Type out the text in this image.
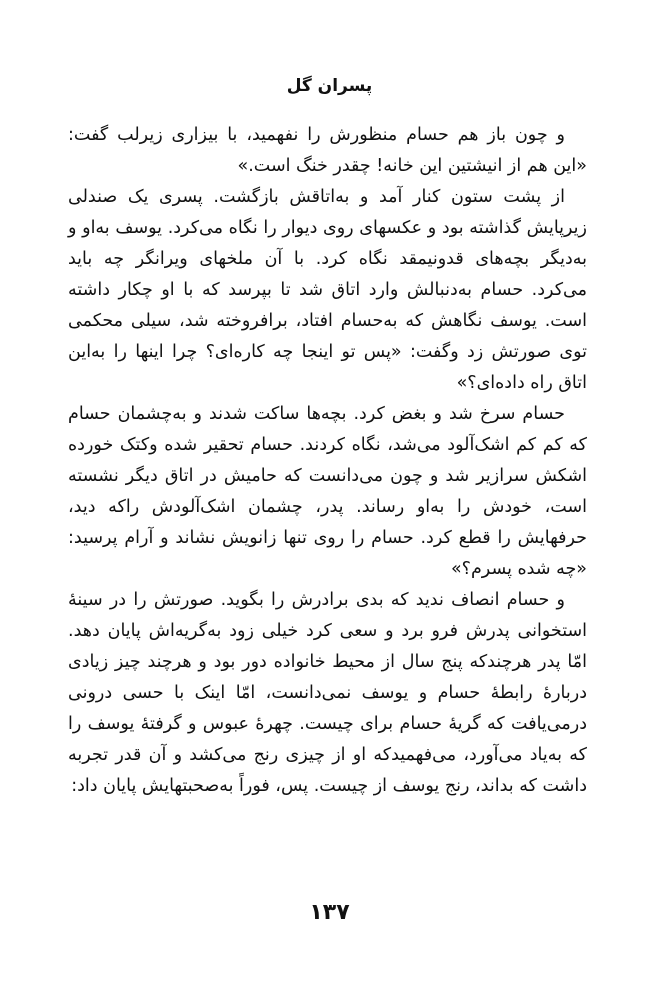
پسران گل

و چون باز هم حسام منظورش را نفهمید، با بیزاری زیرلب گفت: «این هم از انیشتین این خانه! چقدر خنگ است.»

از پشت ستون کنار آمد و به‌اتاقش بازگشت. پسری یک صندلی زیرپایش گذاشته بود و عکسهای روی دیوار را نگاه می‌کرد. یوسف به‌او و به‌دیگر بچه‌های قدونیمقد نگاه کرد. با آن ملخهای ویرانگر چه باید می‌کرد. حسام به‌دنبالش وارد اتاق شد تا بپرسد که با او چکار داشته است. یوسف نگاهش که به‌حسام افتاد، برافروخته شد، سیلی محکمی توی صورتش زد وگفت: «پس تو اینجا چه کاره‌ای؟ چرا اینها را به‌این اتاق راه داده‌ای؟»

حسام سرخ شد و بغض کرد. بچه‌ها ساکت شدند و به‌چشمان حسام که کم کم اشک‌آلود می‌شد، نگاه کردند. حسام تحقیر شده وکتک خورده اشکش سرازیر شد و چون می‌دانست که حامیش در اتاق دیگر نشسته است، خودش را به‌او رساند. پدر، چشمان اشک‌آلودش راکه دید، حرفهایش را قطع کرد. حسام را روی تنها زانویش نشاند و آرام پرسید: «چه شده پسرم؟»

و حسام انصاف ندید که بدی برادرش را بگوید. صورتش را در سینهٔ استخوانی پدرش فرو برد و سعی کرد خیلی زود به‌گریه‌اش پایان دهد. امّا پدر هرچندکه پنج سال از محیط خانواده دور بود و هرچند چیز زیادی دربارهٔ رابطهٔ حسام و یوسف نمی‌دانست، امّا اینک با حسی درونی درمی‌یافت که گریهٔ حسام برای چیست. چهرهٔ عبوس و گرفتهٔ یوسف را که به‌یاد می‌آورد، می‌فهمیدکه او از چیزی رنج می‌کشد و آن قدر تجربه داشت که بداند، رنج یوسف از چیست. پس، فوراً به‌صحبتهایش پایان داد:

۱۳۷
